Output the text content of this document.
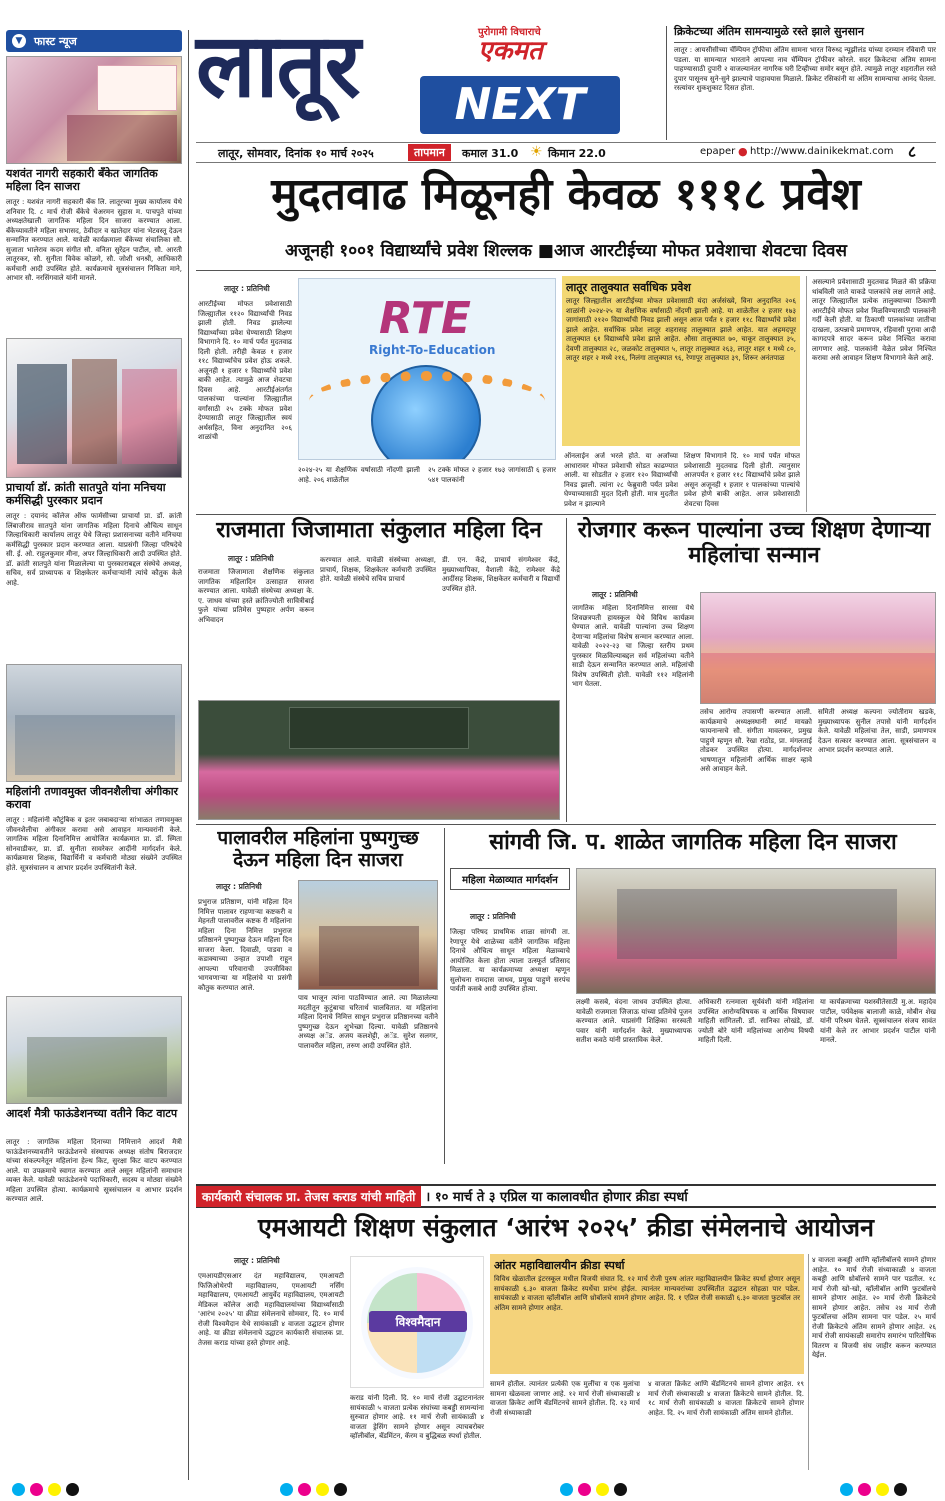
▼	फास्ट न्यूज
यशवंत नागरी सहकारी बँकेत जागतिक महिला दिन साजरा
लातूर : यशवंत नागरी सहकारी बँक लि. लातूरच्या मुख्य कार्यालय येथे शनिवार दि. ८ मार्च रोजी बँकेचे चेअरमन सुहास म. पाचपुते यांच्या अध्यक्षतेखाली जागतिक महिला दिन साजरा करण्यात आला. बँकेच्यावतीने महिला सभासद, ठेवीदार व खातेदार यांना भेटवस्तू देऊन सन्मानित करण्यात आले. यावेळी कार्यक्रमाला बँकेच्या संचालिका सौ. सुजाता भालेराव कदम संगीत सौ. वनिता सुरेंद्रन पाटील, सौ. आरती लातूरकर, सौ. सुनीता विवेक कोळगे, सौ. जोशी धनश्री, आधिकारी कर्मचारी आदी उपस्थित होते. कार्यक्रमाचे सूत्रसंचालन निकिता माने, आभार सौ. नरसिंगवाले यांनी मानले.
प्राचार्या डॉ. क्रांती सातपुते यांना मनिचया कर्मसिद्धी पुरस्कार प्रदान
लातूर : दयानंद कॉलेज ऑफ फार्मसीच्या प्राचार्या प्रा. डॉ. क्रांती लिंबाजीराव सातपुते यांना जागतिक महिला दिनाचे औचित्य साधून जिल्हाधिकारी कार्यालय लातूर येथे जिल्हा प्रशासनाच्या वतीने मनिचया कर्मसिद्धी पुरस्कार प्रदान करण्यात आला. याप्रसंगी जिल्हा परिषदेचे सी. ई. ओ. राहुलकुमार मीना, अपर जिल्हाधिकारी आदी उपस्थित होते. डॉ. क्रांती सातपुते यांना मिळालेल्या या पुरस्काराबद्दल संस्थेचे अध्यक्ष, सचिव, सर्व प्राध्यापक व शिक्षकेतर कर्मचाऱ्यांनी त्यांचे कौतुक केले आहे.
महिलांनी तणावमुक्त जीवनशैलीचा अंगीकार करावा
लातूर : महिलांनी कौटुंबिक व इतर जबाबदाऱ्या सांभाळत तणावमुक्त जीवनशैलीचा अंगीकार करावा असे आवाहन मान्यवरांनी केले. जागतिक महिला दिनानिमित्त आयोजित कार्यक्रमात प्रा. डॉ. स्मिता सोनवाडीकर, प्रा. डॉ. सुनीता सावरेकर आदींनी मार्गदर्शन केले. कार्यक्रमास शिक्षक, विद्यार्थिनी व कर्मचारी मोठ्या संख्येने उपस्थित होते. सूत्रसंचालन व आभार प्रदर्शन उपस्थितांनी केले.
आदर्श मैत्री फाऊंडेशनच्या वतीने किट वाटप
लातूर : जागतिक महिला दिनाच्या निमित्ताने आदर्श मैत्री फाऊंडेशनच्यावतीने फाऊंडेशनचे संस्थापक अध्यक्ष संतोष बिराजदार यांच्या संकल्पनेतून महिलांना हेल्थ किट, सुरक्षा किट वाटप करण्यात आले. या उपक्रमाचे स्वागत करण्यात आले असून महिलांनी समाधान व्यक्त केले. यावेळी फाऊंडेशनचे पदाधिकारी, सदस्य व मोठ्या संख्येने महिला उपस्थित होत्या. कार्यक्रमाचे सूत्रसंचालन व आभार प्रदर्शन करण्यात आले.
लातूर	पुरोगामी विचाराचे
एकमत
NEXT
लातूर, सोमवार, दिनांक १० मार्च २०२५	तापमान	कमाल 31.0 ☀ किमान 22.0	epaper ● http://www.dainikekmat.com ८
क्रिकेटच्या अंतिम सामन्यामुळे रस्ते झाले सुनसान
लातूर : आयसीसीच्या चॅम्पियन ट्रॉफीचा अंतिम सामना भारत विरुध्द न्यूझीलंड यांच्या दरम्यान रविवारी पार पडला. या सामन्यात भारताने आपल्या नाव चॅम्पियन ट्रॉफीवर कोरले. सदर क्रिकेटचा अंतिम सामना पाहण्यासाठी दुपारी २ वाजल्यानंतर नागरिक घरी टिव्हीच्या समोर बसून होते. त्यामुळे लातूर शहरातील रस्ते दुपार पासूनच सुने-सुने झाल्याचे पाहावयास मिळाले. क्रिकेट रसिकांनी या अंतिम सामन्याचा आनंद घेतला. रस्त्यांवर शुकशुकाट दिसत होता.
मुदतवाढ मिळूनही केवळ १११८ प्रवेश
अजूनही १००१ विद्यार्थ्यांचे प्रवेश शिल्लक ■आज आरटीईच्या मोफत प्रवेशाचा शेवटचा दिवस
लातूर : प्रतिनिधी
आरटीईच्या मोफत प्रवेशासाठी जिल्ह्यातील ११२० विद्यार्थ्यांची निवड झाली होती. निवड झालेल्या विद्यार्थ्यांच्या प्रवेश घेण्यासाठी शिक्षण विभागाने दि. १० मार्च पर्यंत मुदतवाढ दिली होती. तरीही केवळ १ हजार ११८ विद्यार्थ्यांचेच प्रवेश होऊ शकले. अजूनही १ हजार १ विद्यार्थ्यांचे प्रवेश बाकी आहेत. त्यामुळे आज शेवटचा दिवस आहे. आरटीईअंतर्गत पालकांच्या पाल्यांना जिल्ह्यातील वर्गांसाठी २५ टक्के मोफत प्रवेश देण्यासाठी लातूर जिल्ह्यातील स्वयं अर्थसहित, विना अनुदानित २०६ शाळांची
RTE
Right-To-Education
२०२४-२५ या शैक्षणिक वर्षासाठी नोंदणी झाली आहे. २०६ शाळेतील
२५ टक्के मोफत २ हजार १७३ जागांसाठी ६ हजार ५४१ पालकांनी
लातूर तालुक्यात सर्वाधिक प्रवेश
लातूर जिल्ह्यातील आरटीईच्या मोफत प्रवेशासाठी यंदा अर्जसंख्ये, विना अनुदानित २०६ शाळांनी २०२४-२५ या शैक्षणिक वर्षासाठी नोंदणी झाली आहे. या शाळेतील २ हजार १७३ जागांसाठी २१२० विद्यार्थ्यांची निवड झाली असून आज पर्यंत १ हजार ११८ विद्यार्थ्यांचे प्रवेश झाले आहेत. सर्वाधिक प्रवेश लातूर शहरासह तालुक्यात झाले आहेत. यात अहमदपूर तालुक्यात ६१ विद्यार्थ्यांचे प्रवेश झाले आहेत. औसा तालुक्यात ७०, चाकूर तालुक्यात ३५, देवणी तालुक्यात २८, जळकोट तालुक्यात ५, लातूर तालुक्यात २६३, लातूर शहर १ मध्ये ८०, लातूर शहर २ मध्ये २१६, निलंगा तालुक्यात ९६, रेणापूर तालुक्यात ३९, शिरूर अनंतपाळ
ऑनलाईन अर्ज भरले होते. या अर्जांच्या आधारावर मोफत प्रवेशाची सोडत काढण्यात आली. या सोडतीत २ हजार १२० विद्यार्थ्यांची निवड झाली. त्यांना २८ फेब्रुवारी पर्यंत प्रवेश घेण्याच्यासाठी मुदत दिली होती. मात्र मुदतीत प्रवेश न झाल्याने
शिक्षण विभागाने दि. १० मार्च पर्यंत मोफत प्रवेशासाठी मुदतवाढ दिली होती. त्यानुसार आजपर्यंत १ हजार ११८ विद्यार्थ्यांचे प्रवेश झाले असून अजूनही १ हजार १ पालकांच्या पाल्यांचे प्रवेश होणे बाकी आहेत. आज प्रवेशासाठी शेवटचा दिवस
असल्याने प्रवेशासाठी मुदतवाढ मिळते की प्रक्रिया थांबविली जाते याकडे पालकांचे लक्ष लागले आहे. लातूर जिल्ह्यातील प्रत्येक तालुक्याच्या ठिकाणी आरटीईचे मोफत प्रवेश मिळविण्यासाठी पालकांनी गर्दी केली होती. या ठिकाणी पालकांच्या जातीचा दाखला, उत्पन्नाचे प्रमाणपत्र, रहिवासी पुरावा आदी कागदपत्रे सादर करून प्रवेश निश्चित करावा लागणार आहे. पालकांनी वेळेत प्रवेश निश्चित करावा असे आवाहन शिक्षण विभागाने केले आहे.
राजमाता जिजामाता संकुलात महिला दिन
लातूर : प्रतिनिधी
राजमाता जिजामाता शैक्षणिक संकुलात जागतिक महिलादिन उत्साहात साजरा करण्यात आला. यावेळी संस्थेच्या अध्यक्षा के. ए. जाधव यांच्या हस्ते क्रांतिज्योती सावित्रीबाई फुले यांच्या प्रतिमेस पुष्पहार अर्पण करून अभिवादन
करण्यात आले. यावेळी संस्थेच्या अध्यक्षा, प्राचार्य, शिक्षक, शिक्षकेतर कर्मचारी उपस्थित होते. यावेळी संस्थेचे सचिव प्राचार्य
डी. एन. केंद्रे, प्राचार्य संगमेश्वर केंद्रे, मुख्याध्यापिका, वैशाली केंद्रे, रामेश्वर केंद्रे आदींसह शिक्षक, शिक्षकेतर कर्मचारी व विद्यार्थी उपस्थित होते.
रोजगार करून पाल्यांना उच्च शिक्षण देणाऱ्या महिलांचा सन्मान
लातूर : प्रतिनिधी
जागतिक महिला दिनानिमित्त सारसा येथे शिवछत्रपती हायस्कूल येथे विविध कार्यक्रम घेण्यात आले. यावेळी पाल्यांना उच्च शिक्षण देणाऱ्या महिलांचा विशेष सन्मान करण्यात आला. यावेळी २०२२-२३ चा जिल्हा स्तरीय प्रथम पुरस्कार मिळविल्याबद्दल सर्व महिलांच्या वतीने साडी देऊन सन्मानित करण्यात आले. महिलांची विशेष उपस्थिती होती. यावेळी ११२ महिलांनी भाग घेतला.
तसेच आरोग्य तपासणी करण्यात आली. कार्यक्रमाचे अध्यक्षस्थानी स्मार्ट मायक्रो फायनान्सचे सौ. संगीता मावलकर, प्रमुख पाहुणे म्हणून सौ. रेखा राठोड, प्रा. मंगलताई तोडकर उपस्थित होत्या. मार्गदर्शनपर भाषणातून महिलांनी आर्थिक साक्षर व्हावे असे आवाहन केले.
समिती अध्यक्ष कल्पना ज्योतीराम खडके, मुख्याध्यापक सुनील तपासे यांनी मार्गदर्शन केले. यावेळी महिलांचा तेल, साडी, प्रमाणपत्र देऊन सत्कार करण्यात आला. सूत्रसंचालन व आभार प्रदर्शन करण्यात आले.
पालावरील महिलांना पुष्पगुच्छ देऊन महिला दिन साजरा
लातूर : प्रतिनिधी
प्रभुराज प्रतिष्ठाण, यांनी महिला दिन निमित्त पालावर राहणाऱ्या कष्टकरी व मेहनती पालावरील कष्टक री महिलांना महिला दिना निमित्त प्रभुराज प्रतिष्ठानने पुष्पगुच्छ देऊन महिला दिन साजरा केला. दिवाळी, पाडवा व कडाक्याच्या उन्हात उपाशी राहून आपल्या परिवाराची उपजीविका भागवणाऱ्या या महिलांचे या प्रसंगी कौतुक करण्यात आले.
पाय भाजून त्यांना पाठविण्यात आले. त्या मिळालेल्या मदतीतून कुटुंबाचा चरितार्थ चालवितात. या महिलांना महिला दिनाचे निमित्त साधून प्रभुराज प्रतिष्ठानच्या वतीने पुष्पगुच्छ देऊन शुभेच्छा दिल्या. यावेळी प्रतिष्ठानचे अध्यक्ष अॅड. अजय कलशेट्टी, अॅड. सुरेश सलगर, पालावरील महिला, तरुण आदी उपस्थित होते.
सांगवी जि. प. शाळेत जागतिक महिला दिन साजरा
महिला मेळाव्यात मार्गदर्शन
लातूर : प्रतिनिधी
जिल्हा परिषद प्राथमिक शाळा सांगवी ता. रेणापूर येथे शाळेच्या वतीने जागतिक महिला दिनाचे औचित्य साधून महिला मेळाव्याचे आयोजित केला होता त्याला उत्स्फूर्त प्रतिसाद मिळाला. या कार्यक्रमाच्या अध्यक्षा म्हणून सुलोचना रामदास जाधव, प्रमुख पाहुणे सरपंच पार्वती कसबे आदी उपस्थित होत्या.
लक्ष्मी कसबे, वंदना जाधव उपस्थित होत्या. यावेळी राजमाता जिजाऊ यांच्या प्रतिमेचे पूजन करण्यात आले. याप्रसंगी शिक्षिका सरस्वती पवार यांनी मार्गदर्शन केले. मुख्याध्यापक सतीश कवठे यांनी प्रास्ताविक केले.
अधिकारी रत्नमाला सूर्यवंशी यांनी महिलांना उपस्थित आरोग्यविषयक व आर्थिक विषयावर माहिती सांगितली. डॉ. सानिका लोखंडे, डॉ. ज्योती बोरे यांनी महिलांच्या आरोग्य विषयी माहिती दिली.
या कार्यक्रमाच्या यशस्वीतेसाठी मु.अ. महादेव पाटील, पर्यवेक्षक बालाजी काळे, मोबीन शेख यांनी परिश्रम घेतले. सूत्रसंचालन संजय सावंत यांनी केले तर आभार प्रदर्शन पाटील यांनी मानले.
कार्यकारी संचालक प्रा. तेजस कराड यांची माहिती । १० मार्च ते ३ एप्रिल या कालावधीत होणार क्रीडा स्पर्धा
एमआयटी शिक्षण संकुलात ‘आरंभ २०२५’ क्रीडा संमेलनाचे आयोजन
लातूर : प्रतिनिधी
एमआयडीएसआर दंत महाविद्यालय, एमआयटी फिजिओथेरपी महाविद्यालय, एमआयटी नर्सिंग महाविद्यालय, एमआयटी आयुर्वेद महाविद्यालय, एमआयटी मेडिकल कॉलेज आदी महाविद्यालयांच्या विद्यार्थ्यांसाठी 'आरंभ २०२५' या क्रीडा संमेलनाचे सोमवार, दि. १० मार्च रोजी विश्वमैदान येथे सायंकाळी ४ वाजता उद्घाटन होणार आहे. या क्रीडा संमेलनाचे उद्घाटन कार्यकारी संचालक प्रा. तेजस कराड यांच्या हस्ते होणार आहे.
विश्वमैदान
कराड यांनी दिली. दि. १० मार्च रोजी उद्घाटनानंतर सायंकाळी ५ वाजता प्रत्येक संघांच्या कबड्डी सामन्यांना सुरुवात होणार आहे. ११ मार्च रोजी सायंकाळी ४ वाजता ड्रेसिंग सामने होणार असून त्याचबरोबर व्हॉलीबॉल, बॅडमिंटन, कॅरम व बुद्धिबळ स्पर्धा होतील.
आंतर महाविद्यालयीन क्रीडा स्पर्धा
विविध खेळातील इंटरस्कूल मधील विजयी संघात दि. १२ मार्च रोजी पुरुष आंतर महाविद्यालयीन क्रिकेट स्पर्धा होणार असून सायंकाळी ६.३० वाजता क्रिकेट स्पर्धेचा प्रारंभ होईल. त्यानंतर मान्यवरांच्या उपस्थितीत उद्घाटन सोहळा पार पडेल. सायंकाळी ४ वाजता व्हॉलीबॉल आणि थ्रोबॉलचे सामने होणार आहेत. दि. १ एप्रिल रोजी सकाळी ६.३० वाजता फुटबॉल तर अंतिम सामने होणार आहेत.
सामने होतील. त्यानंतर प्रत्येकी एक मुलींचा व एक मुलांचा सामना खेळवला जाणार आहे. १२ मार्च रोजी संध्याकाळी ४ वाजता क्रिकेट आणि बॅडमिंटनचे सामने होतील. दि. १३ मार्च रोजी संध्याकाळी
४ वाजता क्रिकेट आणि बॅडमिंटनचे सामने होणार आहेत. १९ मार्च रोजी संध्याकाळी ४ वाजता क्रिकेटचे सामने होतील. दि. १८ मार्च रोजी सायंकाळी ४ वाजता क्रिकेटचे सामने होणार आहेत. दि. २५ मार्च रोजी सायंकाळी अंतिम सामने होतील.
४ वाजता कबड्डी आणि व्हॉलीबॉलचे सामने होणार आहेत. १० मार्च रोजी संध्याकाळी ४ वाजता कबड्डी आणि थ्रोबॉलचे सामने पार पडतील. १८ मार्च रोजी खो-खो, व्हॉलीबॉल आणि फुटबॉलचे सामने होणार आहेत. २० मार्च रोजी क्रिकेटचे सामने होणार आहेत. तसेच २४ मार्च रोजी फुटबॉलचा अंतिम सामना पार पडेल. २५ मार्च रोजी क्रिकेटचे अंतिम सामने होणार आहेत. २६ मार्च रोजी सायंकाळी समारोप समारंभ पारितोषिक वितरण व विजयी संघ जाहीर करून करण्यात येईल.
